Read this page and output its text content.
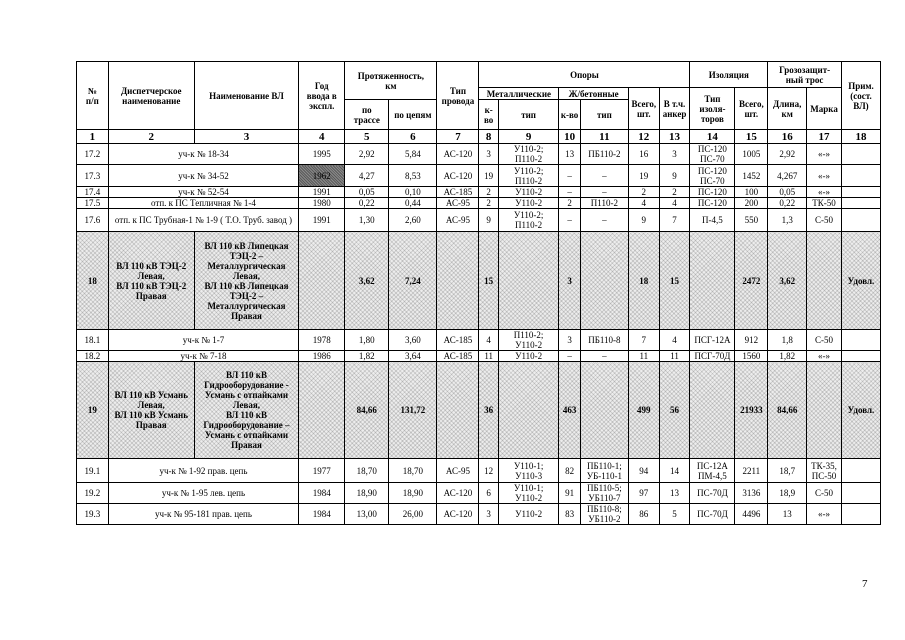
№
п/п	Диспетчерское
наименование	Наименование ВЛ	Год
ввода в
экспл.	Протяженность,
км		Тип
провода	Опоры						Изоляция		Грозозащит-
ный трос		Прим.
(сост.
ВЛ)
							Металлические		Ж/бетонные		Всего,
шт.	В т.ч.
анкер	Тип
изоля-
торов	Всего,
шт.	Длина,
км	Марка	
				по
трассе	по цепям		к-во	тип	к-во	тип							
1	2	3	4	5	6	7	8	9	10	11	12	13	14	15	16	17	18
17.2	уч-к № 18-34		1995	2,92	5,84	АС-120	3	У110-2;
П110-2	13	ПБ110-2	16	3	ПС-120
ПС-70	1005	2,92	«-»	
17.3	уч-к № 34-52		1962	4,27	8,53	АС-120	19	У110-2;
П110-2	–	–	19	9	ПС-120
ПС-70	1452	4,267	«-»	
17.4	уч-к № 52-54		1991	0,05	0,10	АС-185	2	У110-2	–	–	2	2	ПС-120	100	0,05	«-»	
17.5	отп. к ПС Тепличная № 1-4		1980	0,22	0,44	АС-95	2	У110-2	2	П110-2	4	4	ПС-120	200	0,22	ТК-50	
17.6	отп. к ПС Трубная-1 № 1-9 ( Т.О. Труб. завод )		1991	1,30	2,60	АС-95	9	У110-2;
П110-2	–	–	9	7	П-4,5	550	1,3	С-50	
18	ВЛ 110 кВ ТЭЦ-2 Левая,
ВЛ 110 кВ ТЭЦ-2 Правая	ВЛ 110 кВ Липецкая ТЭЦ-2 – Металлургическая Левая,
ВЛ 110 кВ Липецкая ТЭЦ-2 – Металлургическая Правая		3,62	7,24		15		3		18	15		2472	3,62		Удовл.
18.1	уч-к № 1-7		1978	1,80	3,60	АС-185	4	П110-2;
У110-2	3	ПБ110-8	7	4	ПСГ-12А	912	1,8	С-50	
18.2	уч-к № 7-18		1986	1,82	3,64	АС-185	11	У110-2	–	–	11	11	ПСГ-70Д	1560	1,82	«-»	
19	ВЛ 110 кВ Усмань Левая,
ВЛ 110 кВ Усмань Правая	ВЛ 110 кВ Гидрооборудование - Усмань с отпайками Левая,
ВЛ 110 кВ Гидрооборудование – Усмань с отпайками Правая		84,66	131,72		36		463		499	56		21933	84,66		Удовл.
19.1	уч-к № 1-92 прав. цепь		1977	18,70	18,70	АС-95	12	У110-1;
У110-3	82	ПБ110-1;
УБ-110-1	94	14	ПС-12А
ПМ-4,5	2211	18,7	ТК-35,
ПС-50	
19.2	уч-к № 1-95 лев. цепь		1984	18,90	18,90	АС-120	6	У110-1;
У110-2	91	ПБ110-5;
УБ110-7	97	13	ПС-70Д	3136	18,9	С-50	
19.3	уч-к № 95-181 прав. цепь		1984	13,00	26,00	АС-120	3	У110-2	83	ПБ110-8;
УБ110-2	86	5	ПС-70Д	4496	13	«-»	
7
